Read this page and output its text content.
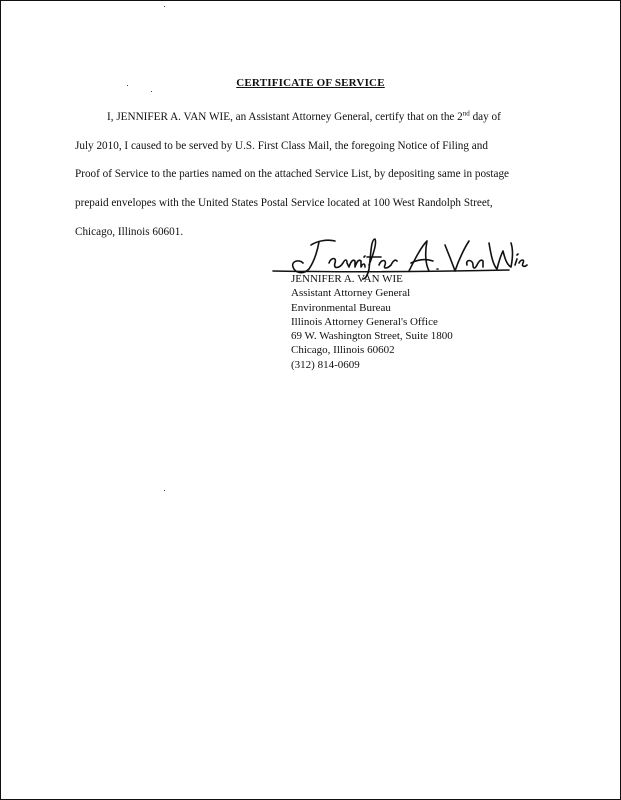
CERTIFICATE OF SERVICE

I, JENNIFER A. VAN WIE, an Assistant Attorney General, certify that on the 2nd day of
July 2010, I caused to be served by U.S. First Class Mail, the foregoing Notice of Filing and
Proof of Service to the parties named on the attached Service List, by depositing same in postage
prepaid envelopes with the United States Postal Service located at 100 West Randolph Street,
Chicago, Illinois 60601.

JENNIFER A. VAN WIE
Assistant Attorney General
Environmental Bureau
Illinois Attorney General's Office
69 W. Washington Street, Suite 1800
Chicago, Illinois 60602
(312) 814-0609
